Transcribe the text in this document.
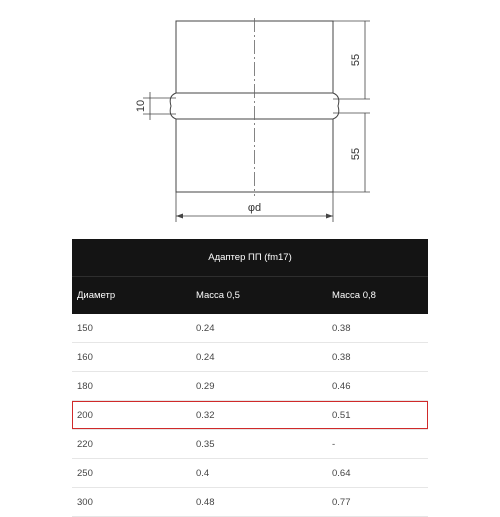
55
55
10
φd
Адаптер ПП (fm17)		
Диаметр	Масса 0,5	Масса 0,8
150	0.24	0.38
160	0.24	0.38
180	0.29	0.46
200	0.32	0.51
220	0.35	-
250	0.4	0.64
300	0.48	0.77
